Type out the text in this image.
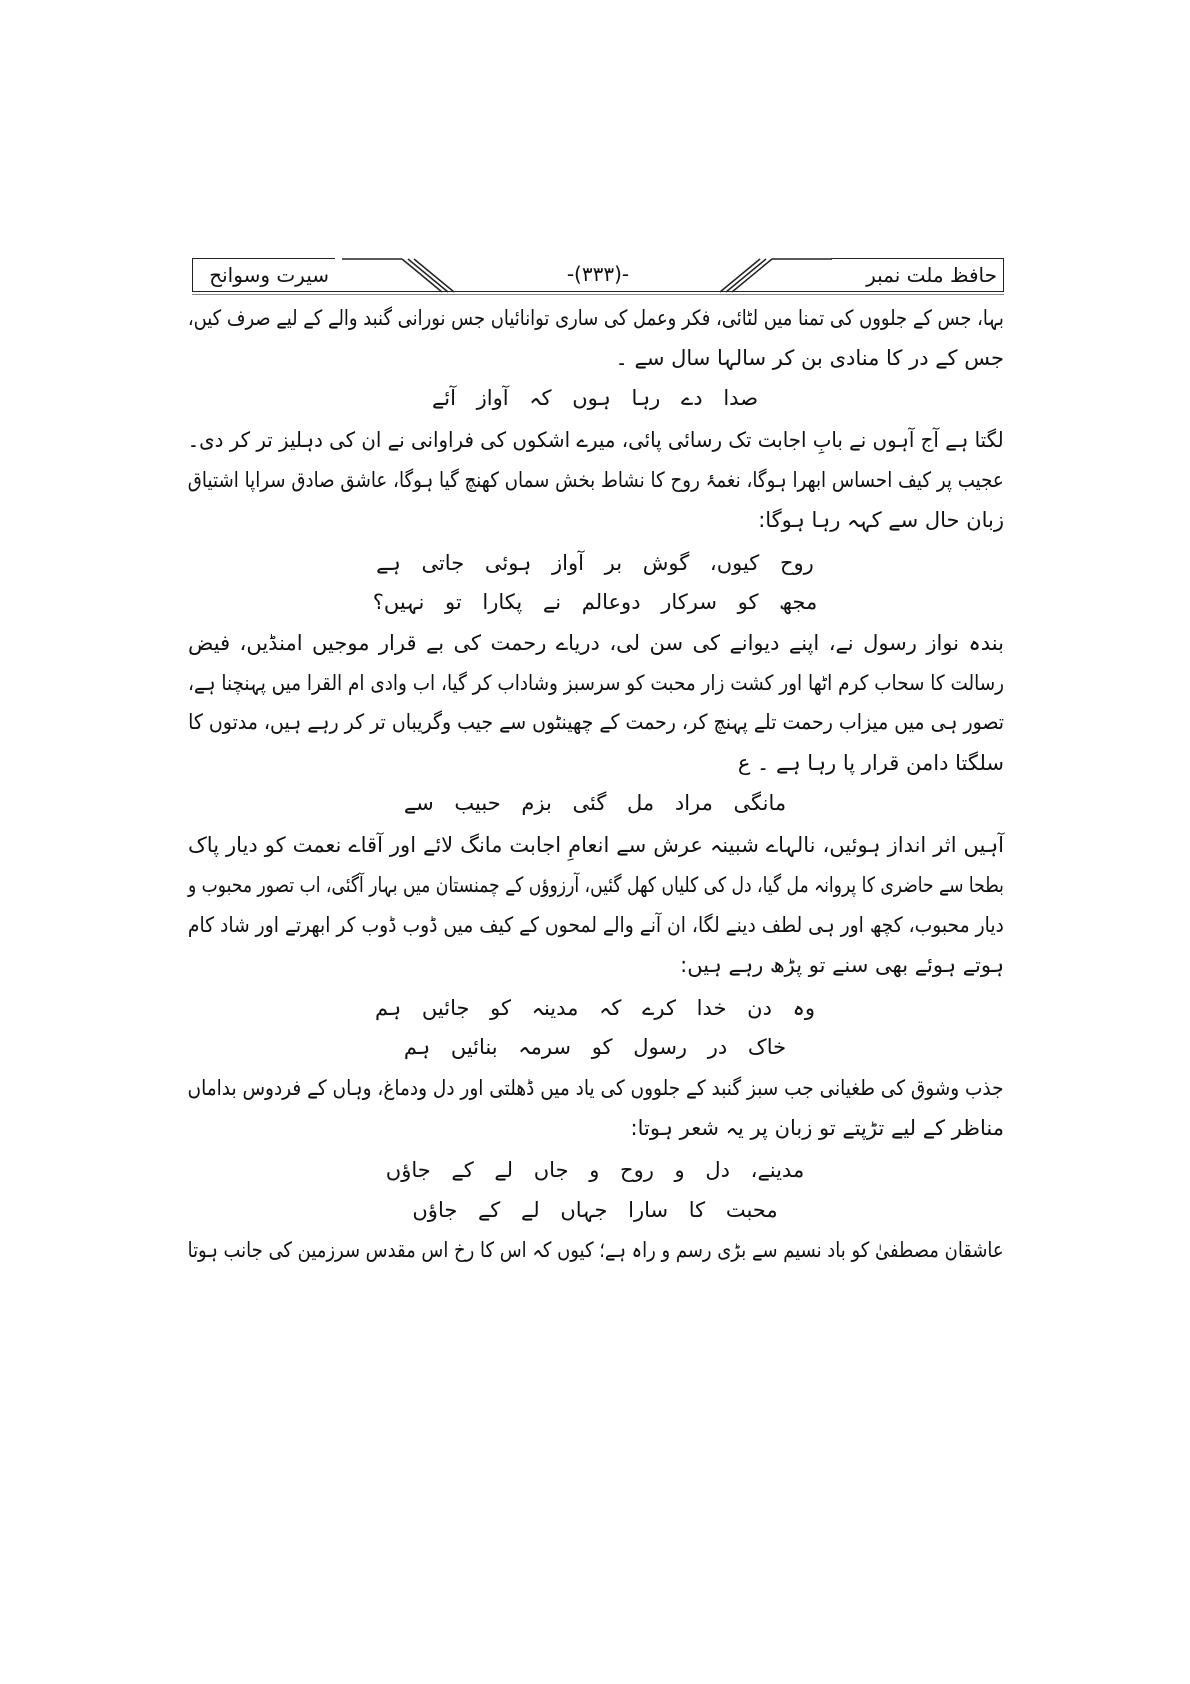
حافظ ملت نمبر
-(۳۳۳)-
سیرت وسوانح
بہا، جس کے جلووں کی تمنا میں لٹائی، فکر وعمل کی ساری توانائیاں جس نورانی گنبد والے کے لیے صرف کیں،
جس کے در کا منادی بن کر سالہا سال سے ۔
صدا دے رہا ہوں کہ آواز آئے
لگتا ہے آج آہوں نے بابِ اجابت تک رسائی پائی، میرے اشکوں کی فراوانی نے ان کی دہلیز تر کر دی۔
عجیب پر کیف احساس ابھرا ہوگا، نغمۂ روح کا نشاط بخش سماں کھنچ گیا ہوگا، عاشق صادق سراپا اشتیاق
زبان حال سے کہہ رہا ہوگا:
روح کیوں، گوش بر آواز ہوئی جاتی ہے
مجھ کو سرکار دوعالم نے پکارا تو نہیں؟
بندہ نواز رسول نے، اپنے دیوانے کی سن لی، دریاے رحمت کی بے قرار موجیں امنڈیں، فیض
رسالت کا سحاب کرم اٹھا اور کشت زار محبت کو سرسبز وشاداب کر گیا، اب وادی ام القرا میں پہنچنا ہے،
تصور ہی میں میزاب رحمت تلے پہنچ کر، رحمت کے چھینٹوں سے جیب وگریباں تر کر رہے ہیں، مدتوں کا
سلگتا دامن قرار پا رہا ہے ۔ ع
مانگی مراد مل گئی بزم حبیب سے
آہیں اثر انداز ہوئیں، نالہاے شبینہ عرش سے انعامِ اجابت مانگ لائے اور آقاے نعمت کو دیار پاک
بطحا سے حاضری کا پروانہ مل گیا، دل کی کلیاں کھل گئیں، آرزوؤں کے چمنستان میں بہار آگئی، اب تصور محبوب و
دیار محبوب، کچھ اور ہی لطف دینے لگا، ان آنے والے لمحوں کے کیف میں ڈوب ڈوب کر ابھرتے اور شاد کام
ہوتے ہوئے بھی سنے تو پڑھ رہے ہیں:
وہ دن خدا کرے کہ مدینہ کو جائیں ہم
خاک در رسول کو سرمہ بنائیں ہم
جذب وشوق کی طغیانی جب سبز گنبد کے جلووں کی یاد میں ڈھلتی اور دل ودماغ، وہاں کے فردوس بداماں
مناظر کے لیے تڑپتے تو زبان پر یہ شعر ہوتا:
مدینے، دل و روح و جاں لے کے جاؤں
محبت کا سارا جہاں لے کے جاؤں
عاشقان مصطفیٰ کو باد نسیم سے بڑی رسم و راہ ہے؛ کیوں کہ اس کا رخ اس مقدس سرزمین کی جانب ہوتا
